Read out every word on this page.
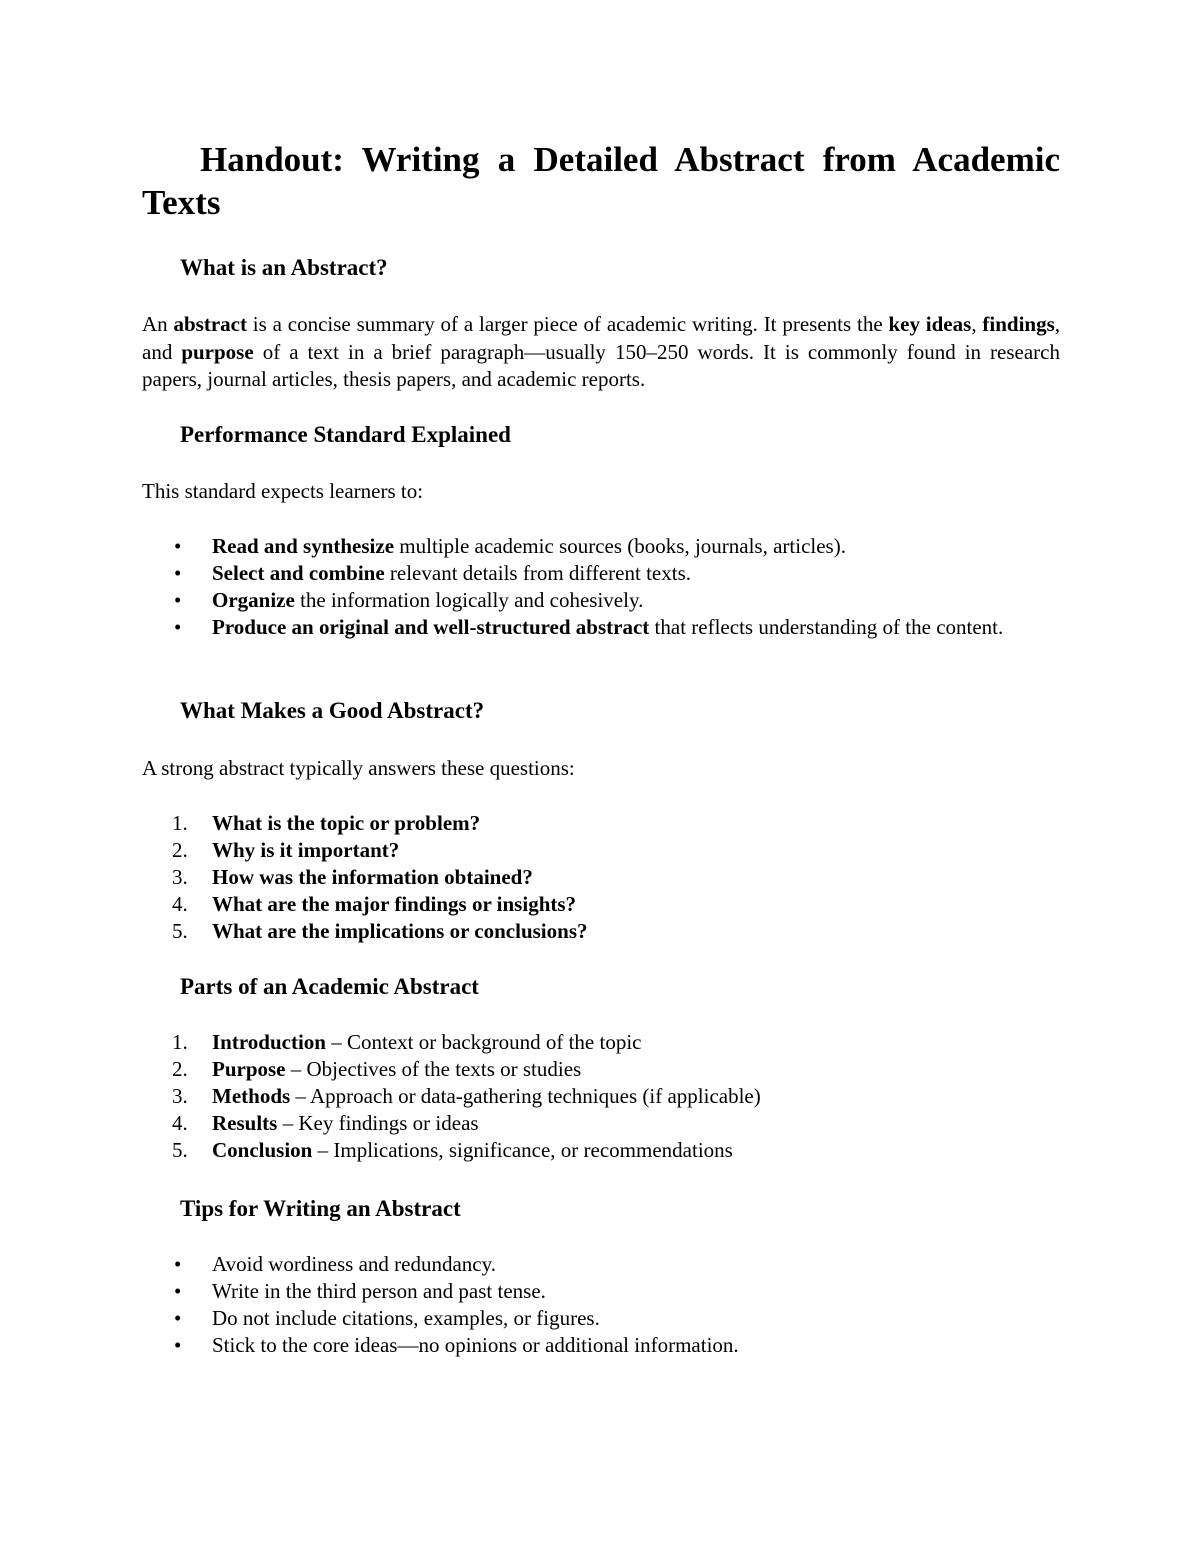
Handout: Writing a Detailed Abstract from Academic Texts
What is an Abstract?

An abstract is a concise summary of a larger piece of academic writing. It presents the key ideas, findings, and purpose of a text in a brief paragraph—usually 150–250 words. It is commonly found in research papers, journal articles, thesis papers, and academic reports.

Performance Standard Explained

This standard expects learners to:

• Read and synthesize multiple academic sources (books, journals, articles).
• Select and combine relevant details from different texts.
• Organize the information logically and cohesively.
• Produce an original and well-structured abstract that reflects understanding of the content.
What Makes a Good Abstract?

A strong abstract typically answers these questions:

1. What is the topic or problem?
2. Why is it important?
3. How was the information obtained?
4. What are the major findings or insights?
5. What are the implications or conclusions?
Parts of an Academic Abstract
1. Introduction – Context or background of the topic
2. Purpose – Objectives of the texts or studies
3. Methods – Approach or data-gathering techniques (if applicable)
4. Results – Key findings or ideas
5. Conclusion – Implications, significance, or recommendations
Tips for Writing an Abstract
• Avoid wordiness and redundancy.
• Write in the third person and past tense.
• Do not include citations, examples, or figures.
• Stick to the core ideas—no opinions or additional information.
